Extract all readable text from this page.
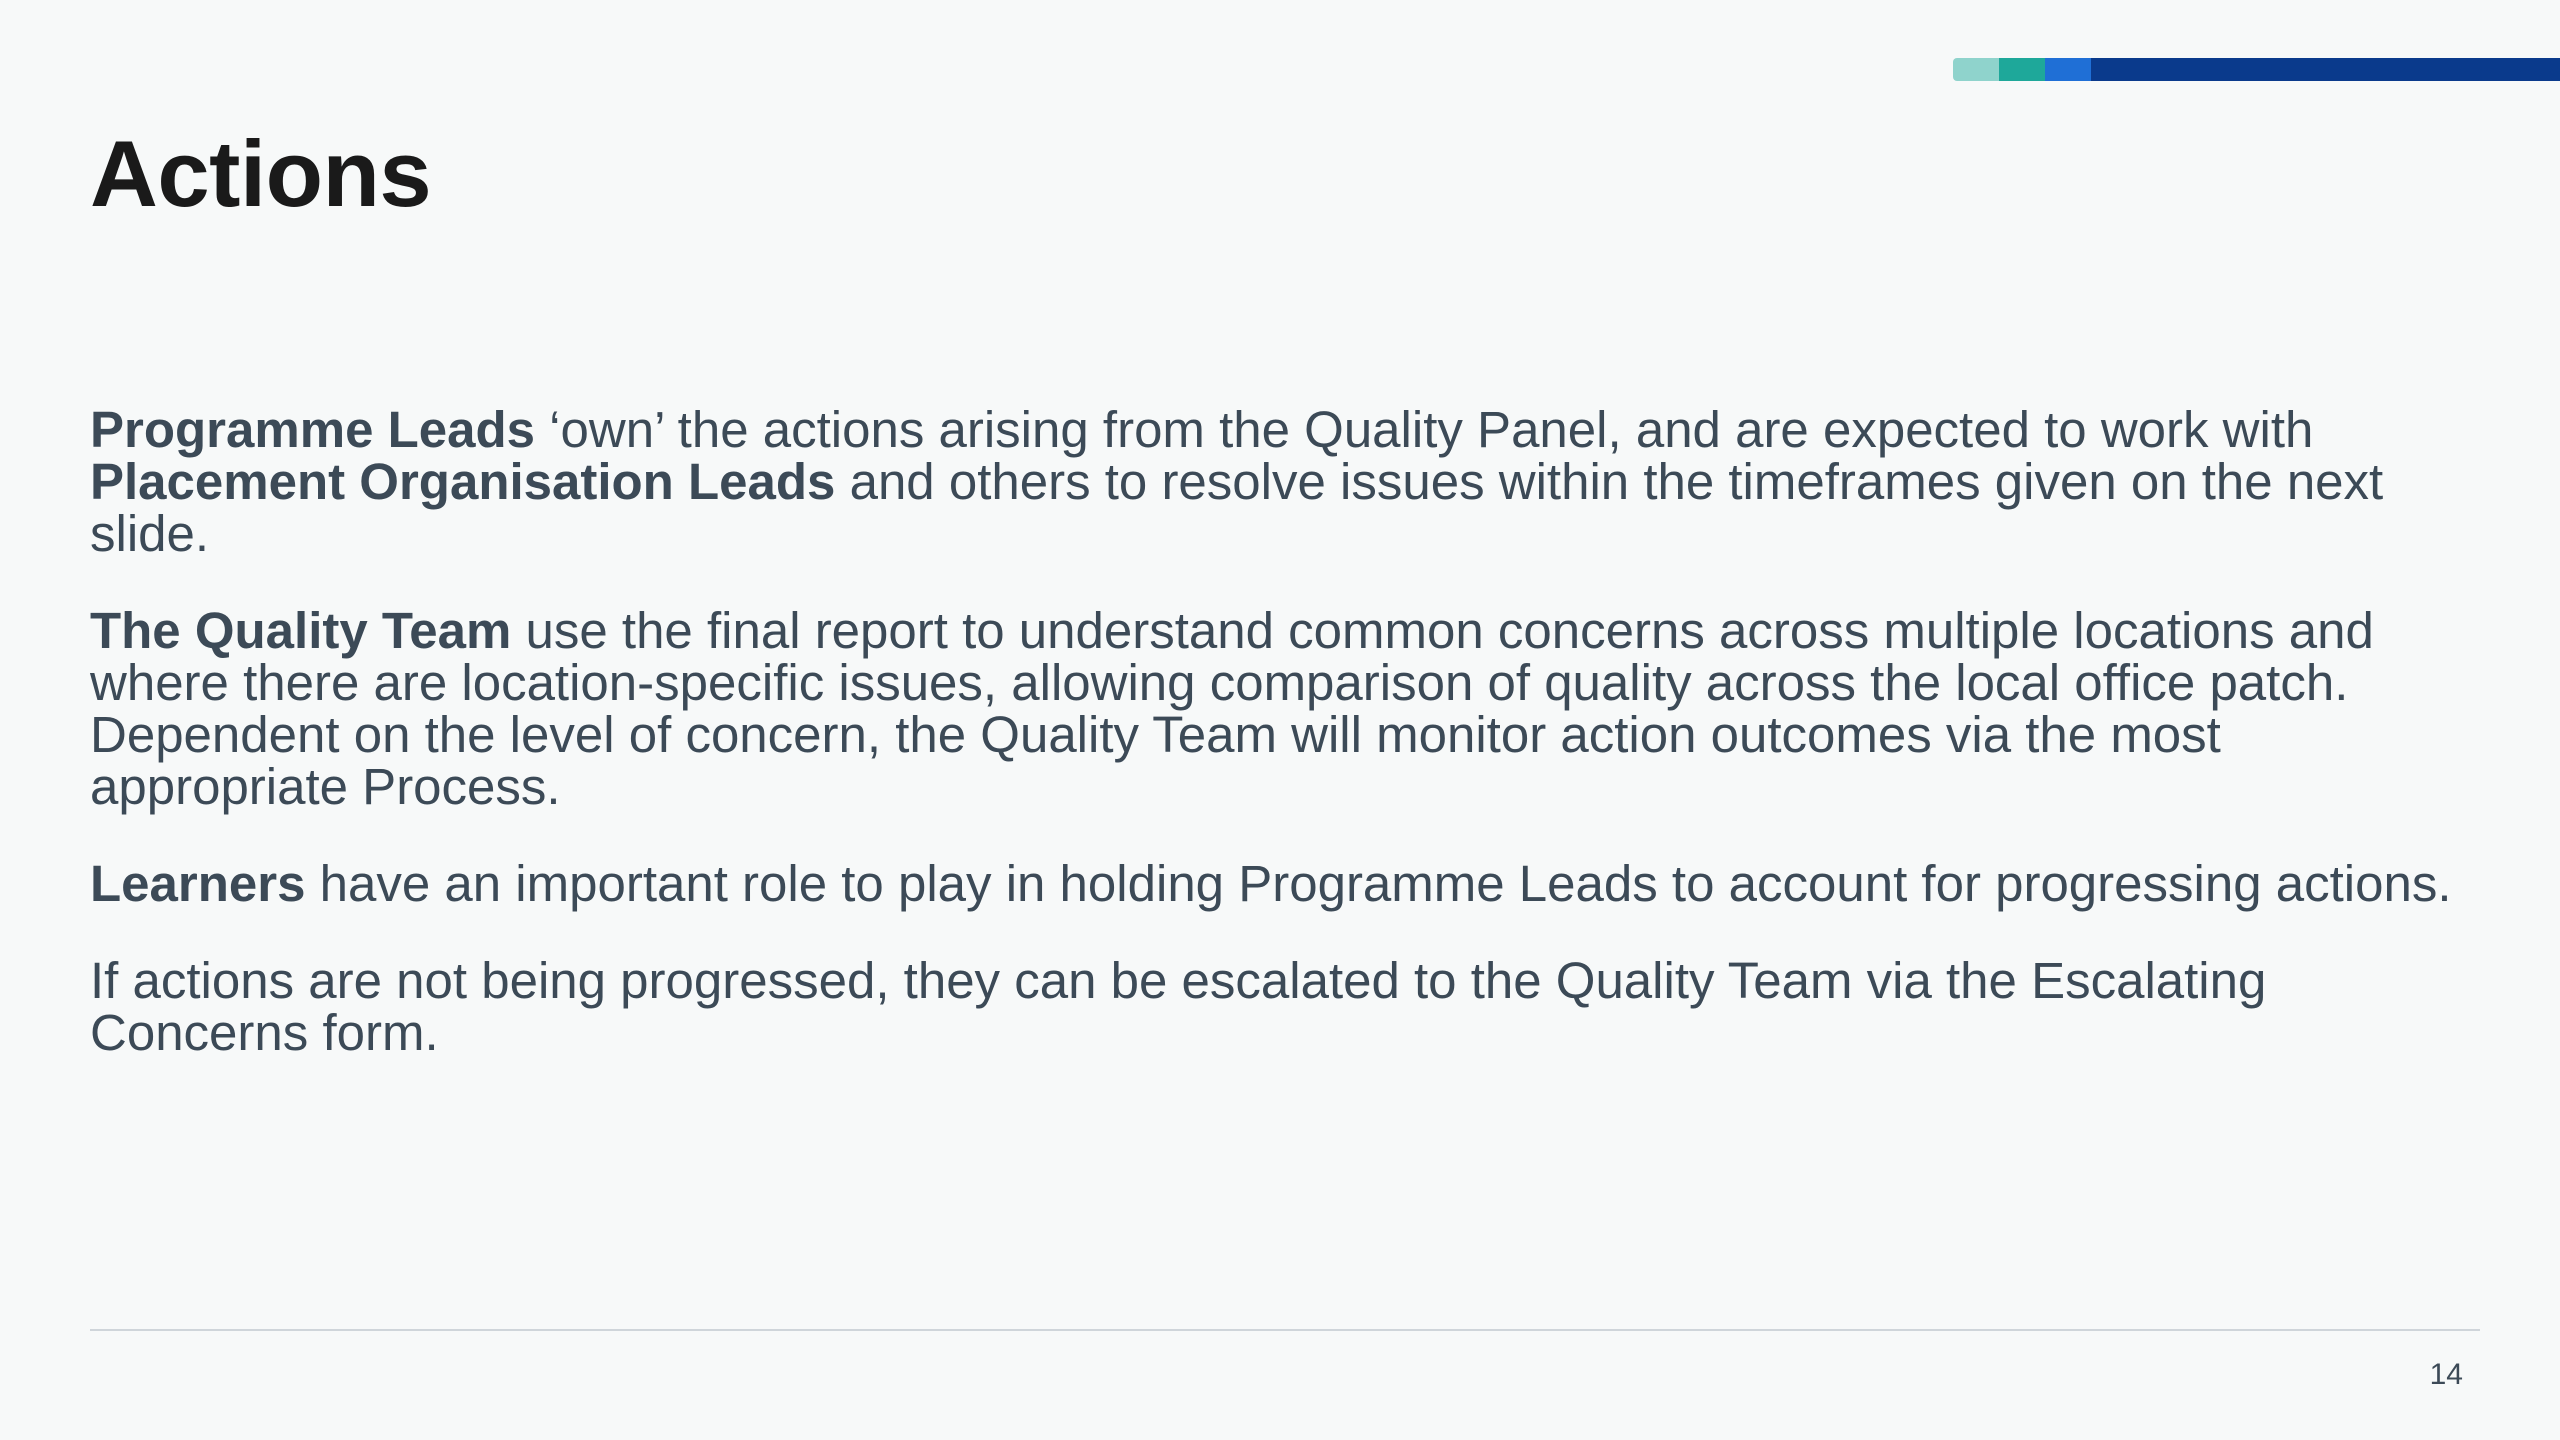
Actions

Programme Leads ‘own’ the actions arising from the Quality Panel, and are expected to work with Placement Organisation Leads and others to resolve issues within the timeframes given on the next slide.

The Quality Team use the final report to understand common concerns across multiple locations and where there are location-specific issues, allowing comparison of quality across the local office patch. Dependent on the level of concern, the Quality Team will monitor action outcomes via the most appropriate Process.

Learners have an important role to play in holding Programme Leads to account for progressing actions.

If actions are not being progressed, they can be escalated to the Quality Team via the Escalating Concerns form.

14
